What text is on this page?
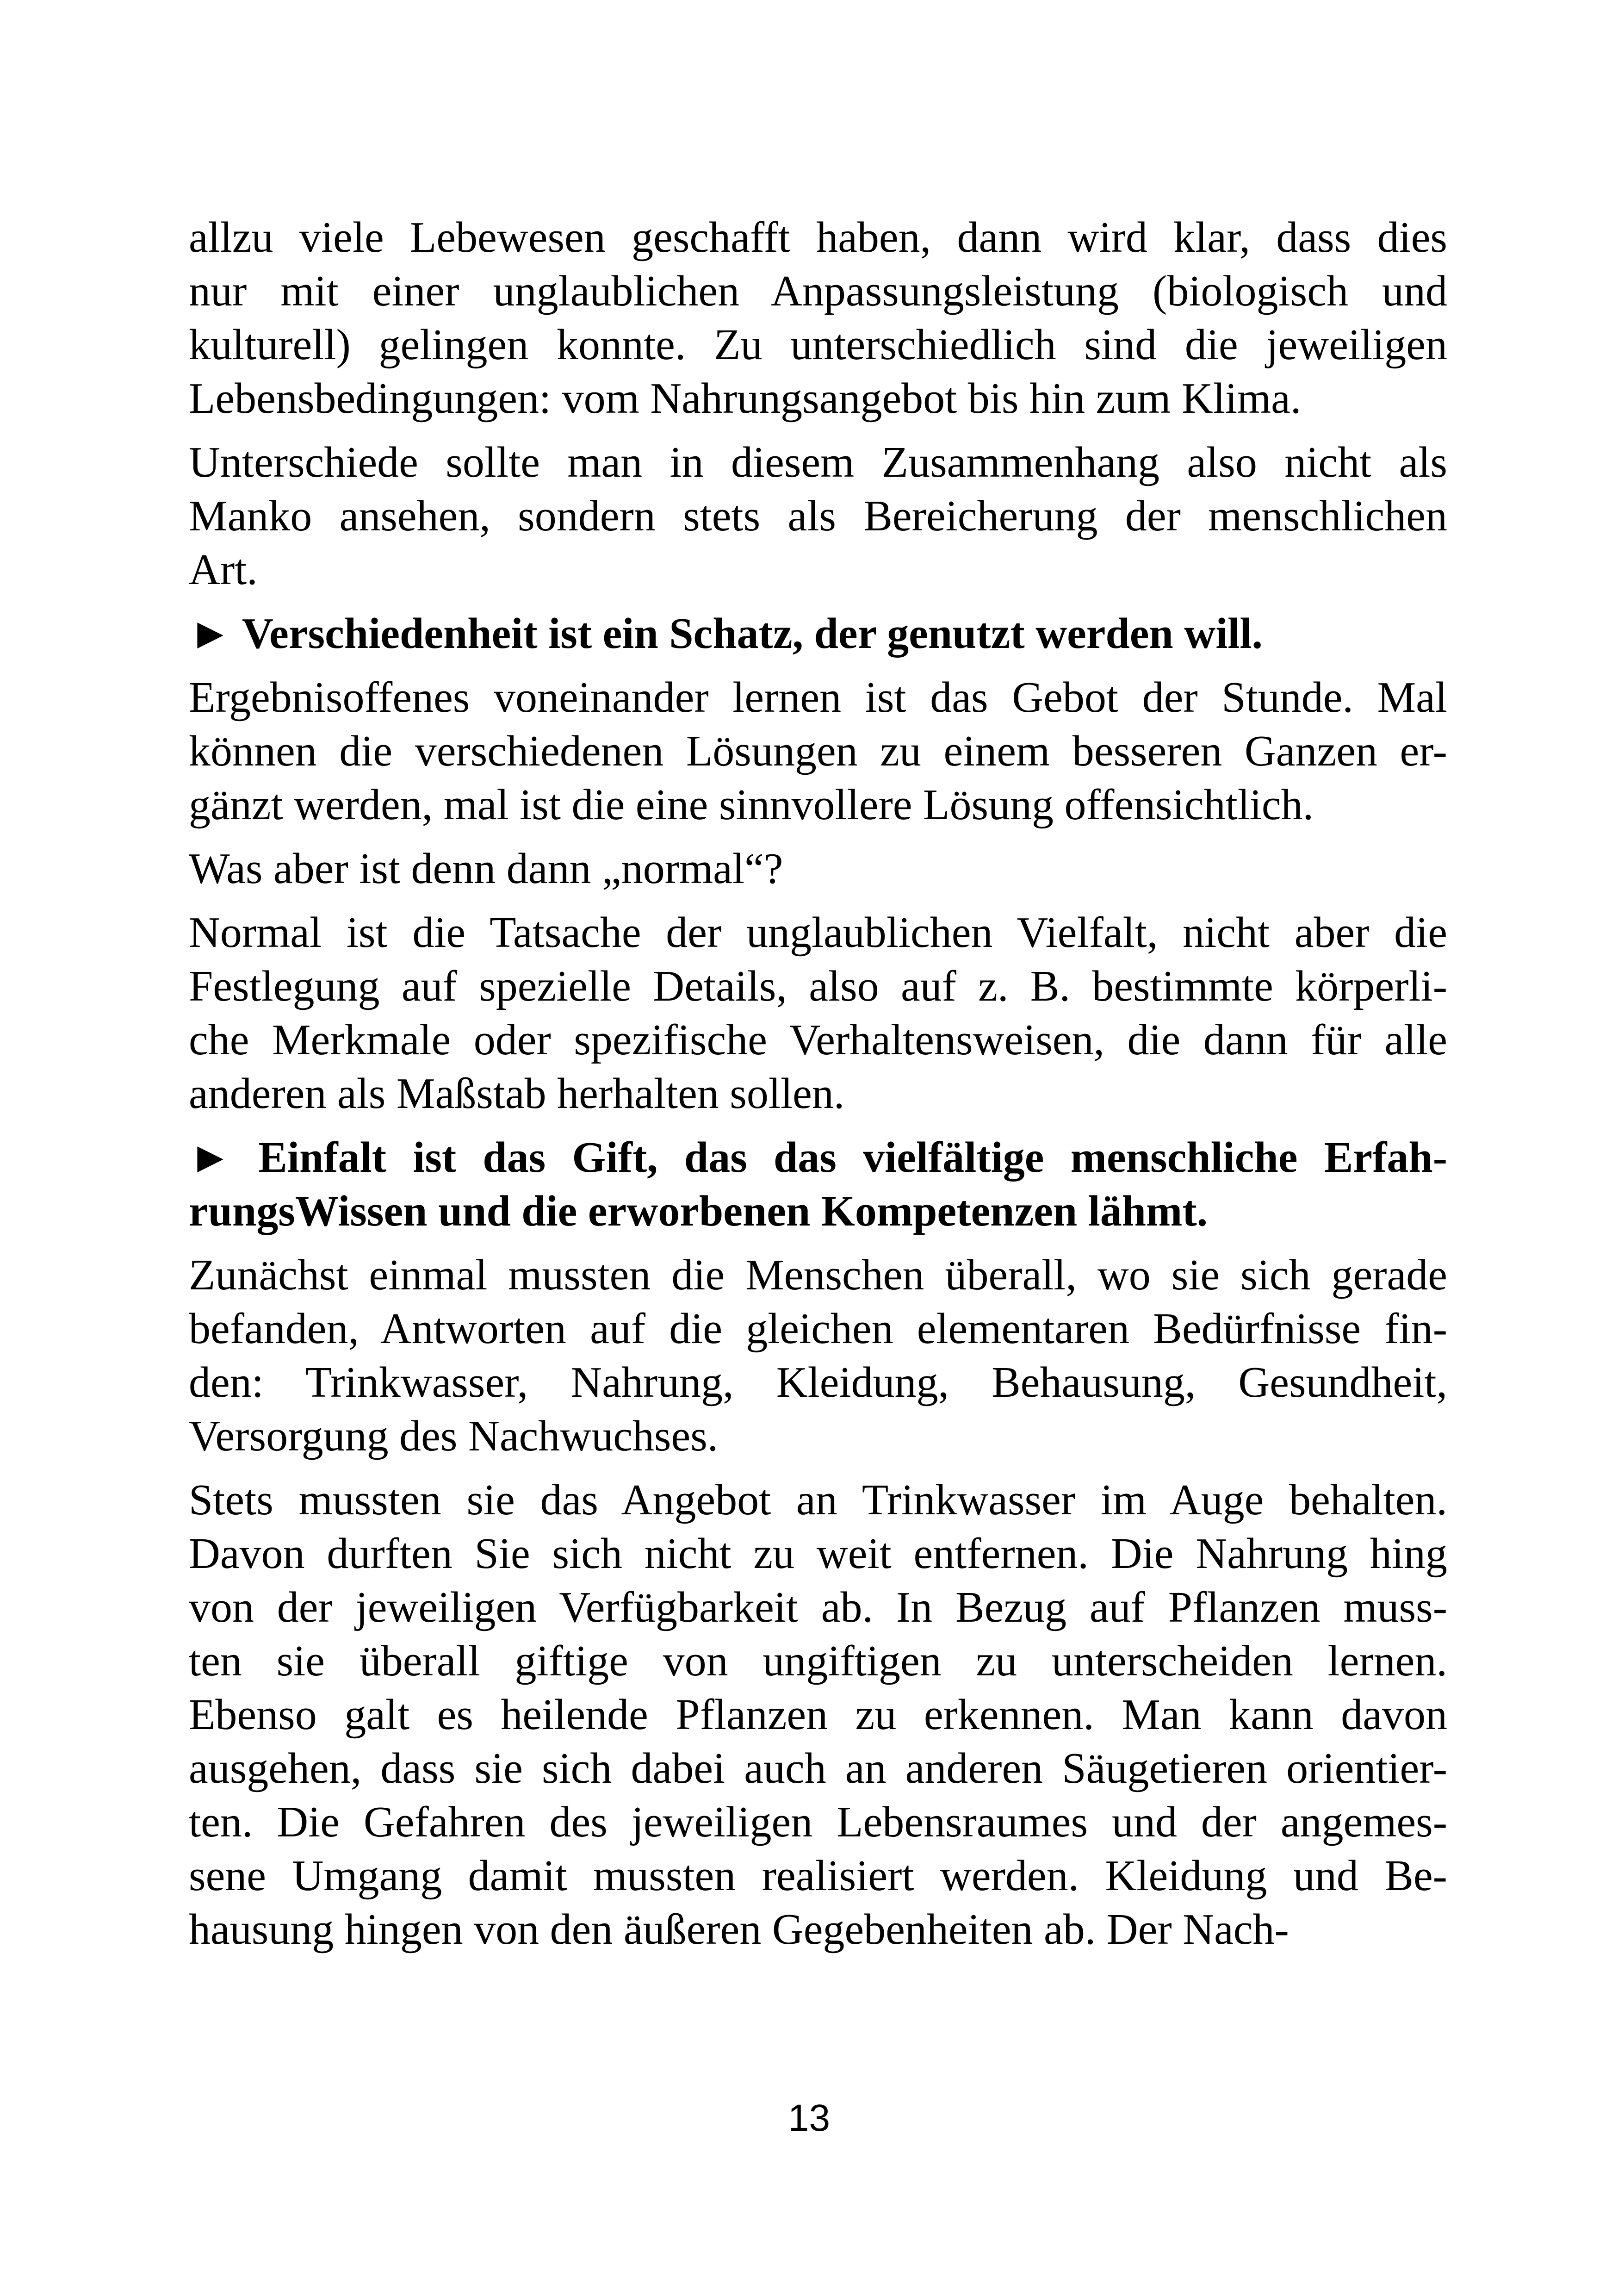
allzu viele Lebewesen geschafft haben, dann wird klar, dass dies
nur mit einer unglaublichen Anpassungsleistung (biologisch und
kulturell) gelingen konnte. Zu unterschiedlich sind die jeweiligen
Lebensbedingungen: vom Nahrungsangebot bis hin zum Klima.
Unterschiede sollte man in diesem Zusammenhang also nicht als
Manko ansehen, sondern stets als Bereicherung der menschlichen
Art.
► Verschiedenheit ist ein Schatz, der genutzt werden will.
Ergebnisoffenes voneinander lernen ist das Gebot der Stunde. Mal
können die verschiedenen Lösungen zu einem besseren Ganzen er-
gänzt werden, mal ist die eine sinnvollere Lösung offensichtlich.
Was aber ist denn dann „normal“?
Normal ist die Tatsache der unglaublichen Vielfalt, nicht aber die
Festlegung auf spezielle Details, also auf z. B. bestimmte körperli-
che Merkmale oder spezifische Verhaltensweisen, die dann für alle
anderen als Maßstab herhalten sollen.
► Einfalt ist das Gift, das das vielfältige menschliche Erfah-
rungsWissen und die erworbenen Kompetenzen lähmt.
Zunächst einmal mussten die Menschen überall, wo sie sich gerade
befanden, Antworten auf die gleichen elementaren Bedürfnisse fin-
den: Trinkwasser, Nahrung, Kleidung, Behausung, Gesundheit,
Versorgung des Nachwuchses.
Stets mussten sie das Angebot an Trinkwasser im Auge behalten.
Davon durften Sie sich nicht zu weit entfernen. Die Nahrung hing
von der jeweiligen Verfügbarkeit ab. In Bezug auf Pflanzen muss-
ten sie überall giftige von ungiftigen zu unterscheiden lernen.
Ebenso galt es heilende Pflanzen zu erkennen. Man kann davon
ausgehen, dass sie sich dabei auch an anderen Säugetieren orientier-
ten. Die Gefahren des jeweiligen Lebensraumes und der angemes-
sene Umgang damit mussten realisiert werden. Kleidung und Be-
hausung hingen von den äußeren Gegebenheiten ab. Der Nach-
13
